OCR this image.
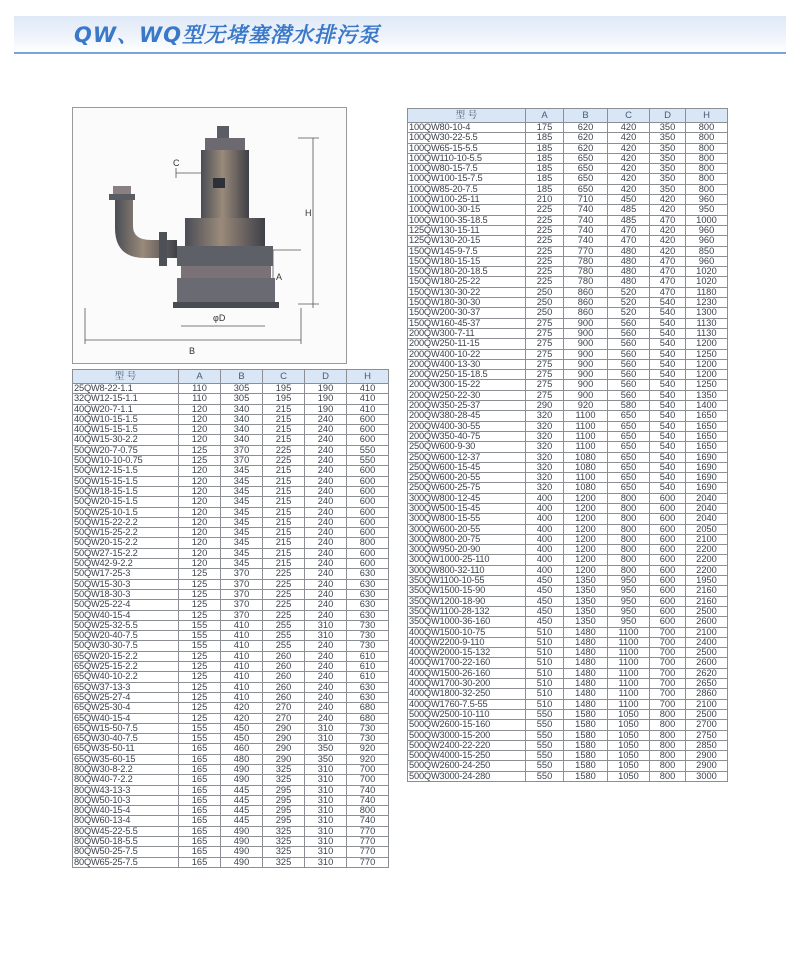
QW、WQ型无堵塞潜水排污泵
C
H
A
φD
B
型 号	A	B	C	D	H
25QW8-22-1.1	110	305	195	190	410
32QW12-15-1.1	110	305	195	190	410
40QW20-7-1.1	120	340	215	190	410
40QW10-15-1.5	120	340	215	240	600
40QW15-15-1.5	120	340	215	240	600
40QW15-30-2.2	120	340	215	240	600
50QW20-7-0.75	125	370	225	240	550
50QW10-10-0.75	125	370	225	240	550
50QW12-15-1.5	120	345	215	240	600
50QW15-15-1.5	120	345	215	240	600
50QW18-15-1.5	120	345	215	240	600
50QW20-15-1.5	120	345	215	240	600
50QW25-10-1.5	120	345	215	240	600
50QW15-22-2.2	120	345	215	240	600
50QW15-25-2.2	120	345	215	240	600
50QW20-15-2.2	120	345	215	240	800
50QW27-15-2.2	120	345	215	240	600
50QW42-9-2.2	120	345	215	240	600
50QW17-25-3	125	370	225	240	630
50QW15-30-3	125	370	225	240	630
50QW18-30-3	125	370	225	240	630
50QW25-22-4	125	370	225	240	630
50QW40-15-4	125	370	225	240	630
50QW25-32-5.5	155	410	255	310	730
50QW20-40-7.5	155	410	255	310	730
50QW30-30-7.5	155	410	255	240	730
65QW20-15-2.2	125	410	260	240	610
65QW25-15-2.2	125	410	260	240	610
65QW40-10-2.2	125	410	260	240	610
65QW37-13-3	125	410	260	240	630
65QW25-27-4	125	410	260	240	630
65QW25-30-4	125	420	270	240	680
65QW40-15-4	125	420	270	240	680
65QW15-50-7.5	155	450	290	310	730
65QW30-40-7.5	155	450	290	310	730
65QW35-50-11	165	460	290	350	920
65QW35-60-15	165	480	290	350	920
80QW30-8-2.2	165	490	325	310	700
80QW40-7-2.2	165	490	325	310	700
80QW43-13-3	165	445	295	310	740
80QW50-10-3	165	445	295	310	740
80QW40-15-4	165	445	295	310	800
80QW60-13-4	165	445	295	310	740
80QW45-22-5.5	165	490	325	310	770
80QW50-18-5.5	165	490	325	310	770
80QW50-25-7.5	165	490	325	310	770
80QW65-25-7.5	165	490	325	310	770
型 号	A	B	C	D	H
100QW80-10-4	175	620	420	350	800
100QW30-22-5.5	185	620	420	350	800
100QW65-15-5.5	185	620	420	350	800
100QW110-10-5.5	185	650	420	350	800
100QW80-15-7.5	185	650	420	350	800
100QW100-15-7.5	185	650	420	350	800
100QW85-20-7.5	185	650	420	350	800
100QW100-25-11	210	710	450	420	960
100QW100-30-15	225	740	485	420	950
100QW100-35-18.5	225	740	485	470	1000
125QW130-15-11	225	740	470	420	960
125QW130-20-15	225	740	470	420	960
150QW145-9-7.5	225	770	480	420	850
150QW180-15-15	225	780	480	470	960
150QW180-20-18.5	225	780	480	470	1020
150QW180-25-22	225	780	480	470	1020
150QW130-30-22	250	860	520	470	1180
150QW180-30-30	250	860	520	540	1230
150QW200-30-37	250	860	520	540	1300
150QW160-45-37	275	900	560	540	1130
200QW300-7-11	275	900	560	540	1130
200QW250-11-15	275	900	560	540	1200
200QW400-10-22	275	900	560	540	1250
200QW400-13-30	275	900	560	540	1200
200QW250-15-18.5	275	900	560	540	1200
200QW300-15-22	275	900	560	540	1250
200QW250-22-30	275	900	560	540	1350
200QW350-25-37	290	920	580	540	1400
200QW380-28-45	320	1100	650	540	1650
200QW400-30-55	320	1100	650	540	1650
200QW350-40-75	320	1100	650	540	1650
250QW600-9-30	320	1100	650	540	1650
250QW600-12-37	320	1080	650	540	1690
250QW600-15-45	320	1080	650	540	1690
250QW600-20-55	320	1100	650	540	1690
250QW600-25-75	320	1080	650	540	1690
300QW800-12-45	400	1200	800	600	2040
300QW500-15-45	400	1200	800	600	2040
300QW800-15-55	400	1200	800	600	2040
300QW600-20-55	400	1200	800	600	2050
300QW800-20-75	400	1200	800	600	2100
300QW950-20-90	400	1200	800	600	2200
300QW1000-25-110	400	1200	800	600	2200
300QW800-32-110	400	1200	800	600	2200
350QW1100-10-55	450	1350	950	600	1950
350QW1500-15-90	450	1350	950	600	2160
350QW1200-18-90	450	1350	950	600	2160
350QW1100-28-132	450	1350	950	600	2500
350QW1000-36-160	450	1350	950	600	2600
400QW1500-10-75	510	1480	1100	700	2100
400QW2200-9-110	510	1480	1100	700	2400
400QW2000-15-132	510	1480	1100	700	2500
400QW1700-22-160	510	1480	1100	700	2600
400QW1500-26-160	510	1480	1100	700	2620
400QW1700-30-200	510	1480	1100	700	2650
400QW1800-32-250	510	1480	1100	700	2860
400QW1760-7.5-55	510	1480	1100	700	2100
500QW2500-10-110	550	1580	1050	800	2500
500QW2600-15-160	550	1580	1050	800	2700
500QW3000-15-200	550	1580	1050	800	2750
500QW2400-22-220	550	1580	1050	800	2850
500QW4000-15-250	550	1580	1050	800	2900
500QW2600-24-250	550	1580	1050	800	2900
500QW3000-24-280	550	1580	1050	800	3000
